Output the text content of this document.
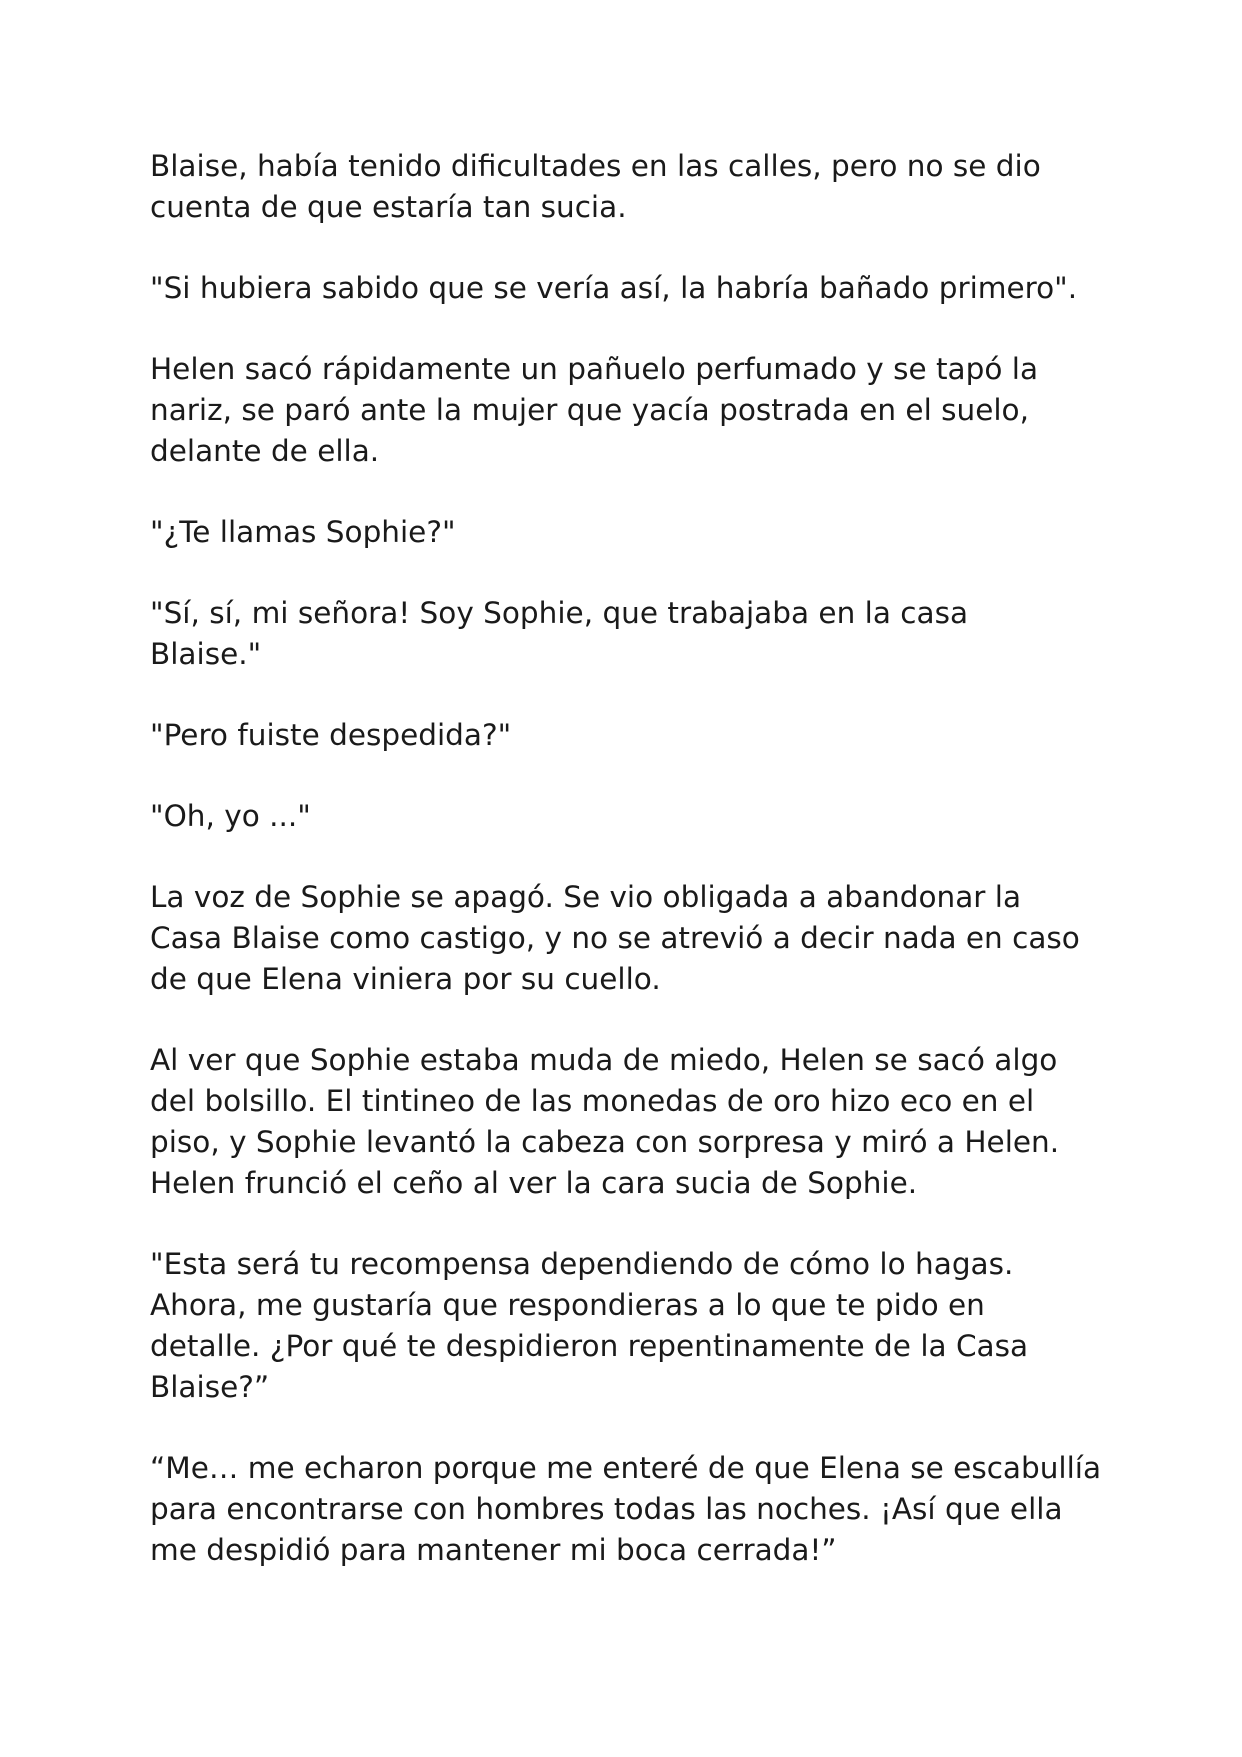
Blaise, había tenido dificultades en las calles, pero no se dio
cuenta de que estaría tan sucia.

"Si hubiera sabido que se vería así, la habría bañado primero".

Helen sacó rápidamente un pañuelo perfumado y se tapó la
nariz, se paró ante la mujer que yacía postrada en el suelo,
delante de ella.

"¿Te llamas Sophie?"

"Sí, sí, mi señora! Soy Sophie, que trabajaba en la casa
Blaise."

"Pero fuiste despedida?"

"Oh, yo ..."

La voz de Sophie se apagó. Se vio obligada a abandonar la
Casa Blaise como castigo, y no se atrevió a decir nada en caso
de que Elena viniera por su cuello.

Al ver que Sophie estaba muda de miedo, Helen se sacó algo
del bolsillo. El tintineo de las monedas de oro hizo eco en el
piso, y Sophie levantó la cabeza con sorpresa y miró a Helen.
Helen frunció el ceño al ver la cara sucia de Sophie.

"Esta será tu recompensa dependiendo de cómo lo hagas.
Ahora, me gustaría que respondieras a lo que te pido en
detalle. ¿Por qué te despidieron repentinamente de la Casa
Blaise?”

“Me… me echaron porque me enteré de que Elena se escabullía
para encontrarse con hombres todas las noches. ¡Así que ella
me despidió para mantener mi boca cerrada!”
